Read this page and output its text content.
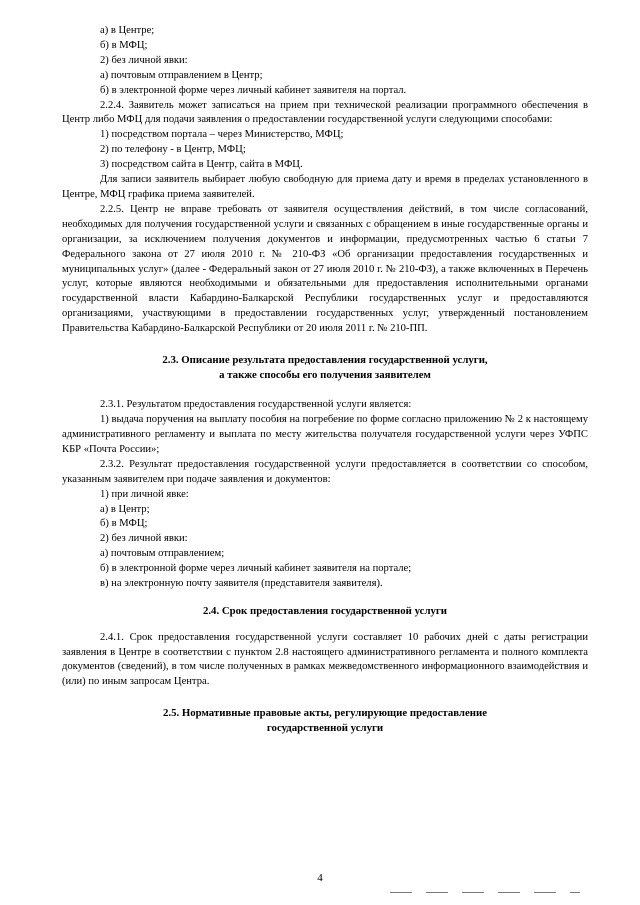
а) в Центре;

б) в МФЦ;

2) без личной явки:

а) почтовым отправлением в Центр;

б) в электронной форме через личный кабинет заявителя на портал.

2.2.4. Заявитель может записаться на прием при технической реализации программного обеспечения в Центр либо МФЦ для подачи заявления о предоставлении государственной услуги следующими способами:

1) посредством портала – через Министерство, МФЦ;

2) по телефону - в Центр, МФЦ;

3) посредством сайта в Центр, сайта в МФЦ.

Для записи заявитель выбирает любую свободную для приема дату и время в пределах установленного в Центре, МФЦ графика приема заявителей.

2.2.5. Центр не вправе требовать от заявителя осуществления действий, в том числе согласований, необходимых для получения государственной услуги и связанных с обращением в иные государственные органы и организации, за исключением получения документов и информации, предусмотренных частью 6 статьи 7 Федерального закона от 27 июля 2010 г. № 210-ФЗ «Об организации предоставления государственных и муниципальных услуг» (далее - Федеральный закон от 27 июля 2010 г. № 210-ФЗ), а также включенных в Перечень услуг, которые являются необходимыми и обязательными для предоставления исполнительными органами государственной власти Кабардино-Балкарской Республики государственных услуг и предоставляются организациями, участвующими в предоставлении государственных услуг, утвержденный постановлением Правительства Кабардино-Балкарской Республики от 20 июля 2011 г. № 210-ПП.

2.3. Описание результата предоставления государственной услуги,
а также способы его получения заявителем

2.3.1. Результатом предоставления государственной услуги является:

1) выдача поручения на выплату пособия на погребение по форме согласно приложению № 2 к настоящему административного регламенту и выплата по месту жительства получателя государственной услуги через УФПС КБР «Почта России»;

2.3.2. Результат предоставления государственной услуги предоставляется в соответствии со способом, указанным заявителем при подаче заявления и документов:

1) при личной явке:

а) в Центр;

б) в МФЦ;

2) без личной явки:

а) почтовым отправлением;

б) в электронной форме через личный кабинет заявителя на портале;

в) на электронную почту заявителя (представителя заявителя).

2.4. Срок предоставления государственной услуги

2.4.1. Срок предоставления государственной услуги составляет 10 рабочих дней с даты регистрации заявления в Центре в соответствии с пунктом 2.8 настоящего административного регламента и полного комплекта документов (сведений), в том числе полученных в рамках межведомственного информационного взаимодействия и (или) по иным запросам Центра.

2.5. Нормативные правовые акты, регулирующие предоставление
государственной услуги

4
